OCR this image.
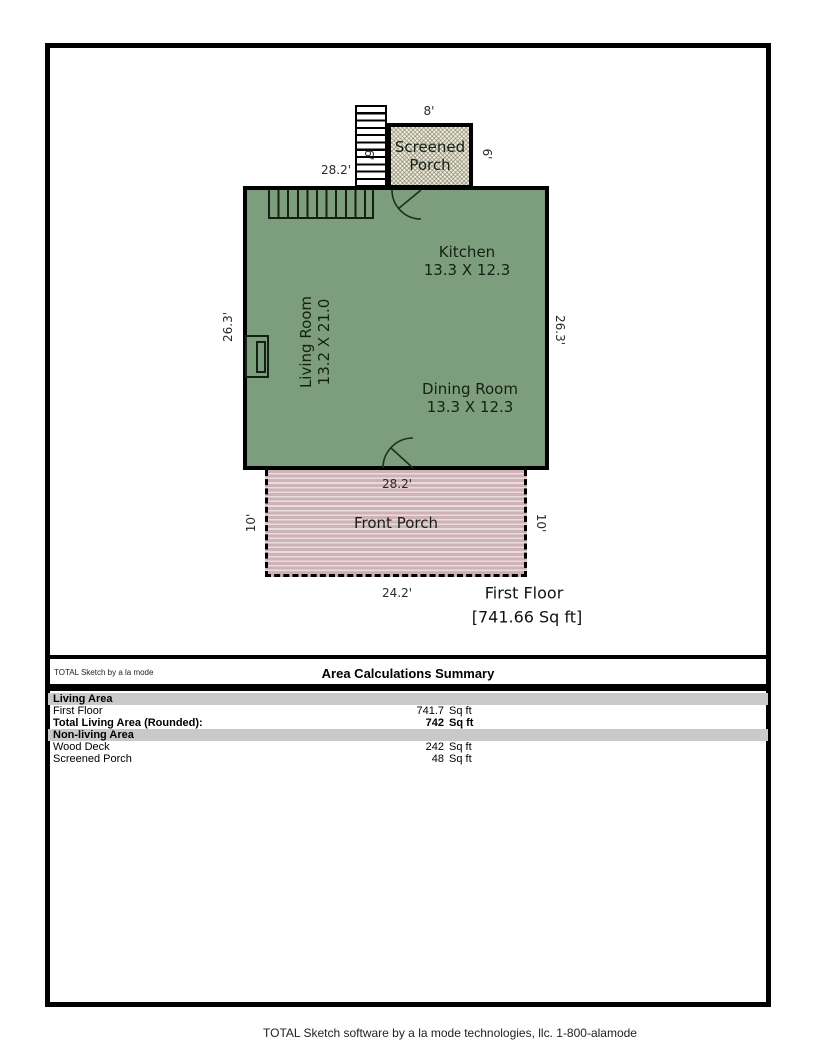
6' Screened
Porch
8'
6'
28.2'
26.3'	26.3'
Kitchen
13.3 X 12.3
Living Room 13.2 X 21.0
Dining Room
13.3 X 12.3
28.2'
Front Porch
10'	10'
24.2'	First Floor
[741.66 Sq ft]
TOTAL Sketch by a la mode	Area Calculations Summary
Living Area
First Floor	741.7 Sq ft
Total Living Area (Rounded):	742 Sq ft
Non-living Area
Wood Deck	242 Sq ft
Screened Porch	48 Sq ft
TOTAL Sketch software by a la mode technologies, llc. 1-800-alamode
